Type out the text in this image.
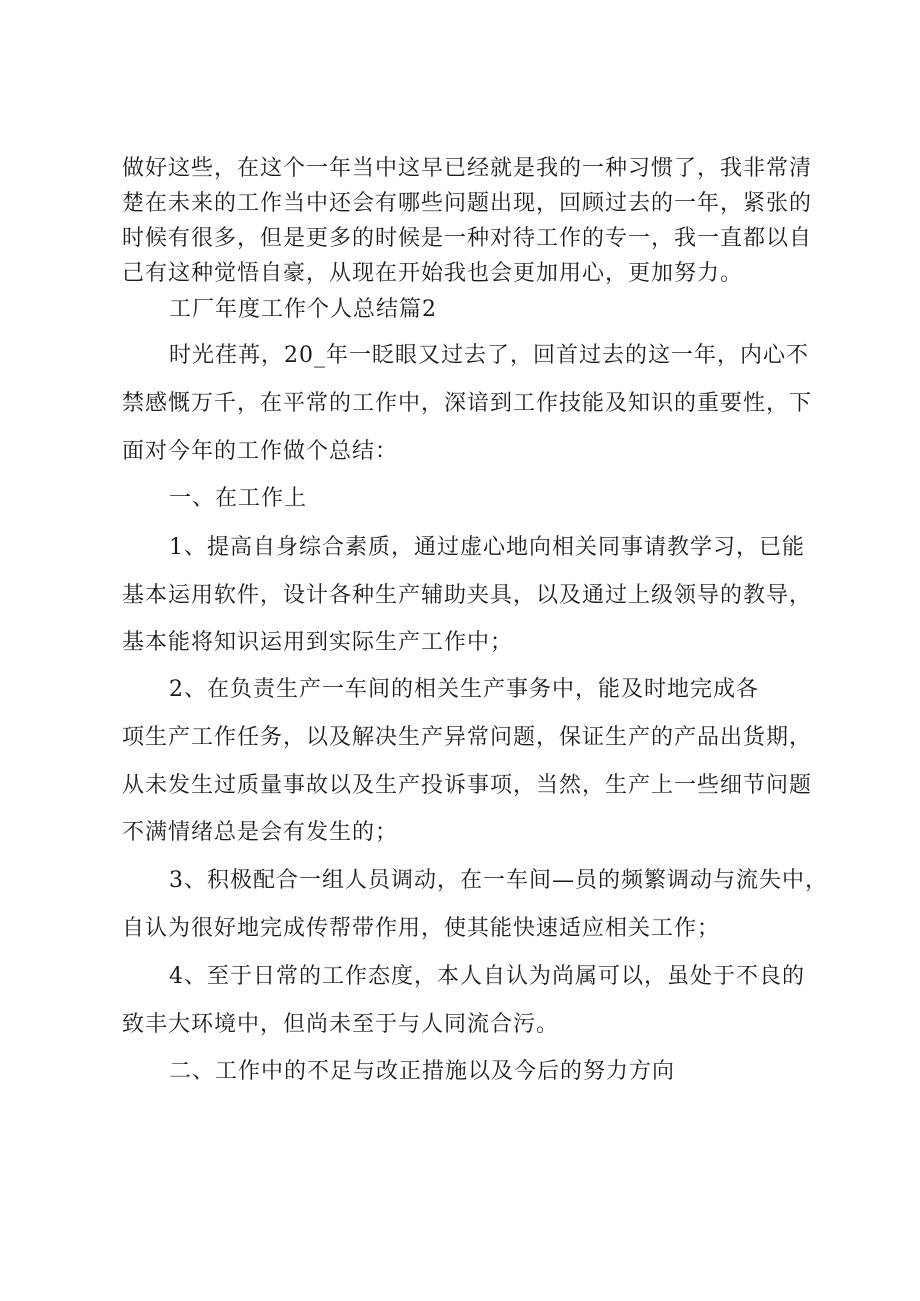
做好这些，在这个一年当中这早已经就是我的一种习惯了，我非常清
楚在未来的工作当中还会有哪些问题出现，回顾过去的一年，紧张的
时候有很多，但是更多的时候是一种对待工作的专一，我一直都以自
己有这种觉悟自豪，从现在开始我也会更加用心，更加努力。
工厂年度工作个人总结篇2
时光荏苒，20_年一眨眼又过去了，回首过去的这一年，内心不
禁感慨万千，在平常的工作中，深谙到工作技能及知识的重要性，下
面对今年的工作做个总结：
一、在工作上
1、提高自身综合素质，通过虚心地向相关同事请教学习，已能
基本运用软件，设计各种生产辅助夹具，以及通过上级领导的教导，
基本能将知识运用到实际生产工作中；
2、在负责生产一车间的相关生产事务中，能及时地完成各
项生产工作任务，以及解决生产异常问题，保证生产的产品出货期，
从未发生过质量事故以及生产投诉事项，当然，生产上一些细节问题
不满情绪总是会有发生的；
3、积极配合一组人员调动，在一车间—员的频繁调动与流失中，
自认为很好地完成传帮带作用，使其能快速适应相关工作；
4、至于日常的工作态度，本人自认为尚属可以，虽处于不良的
致丰大环境中，但尚未至于与人同流合污。
二、工作中的不足与改正措施以及今后的努力方向
